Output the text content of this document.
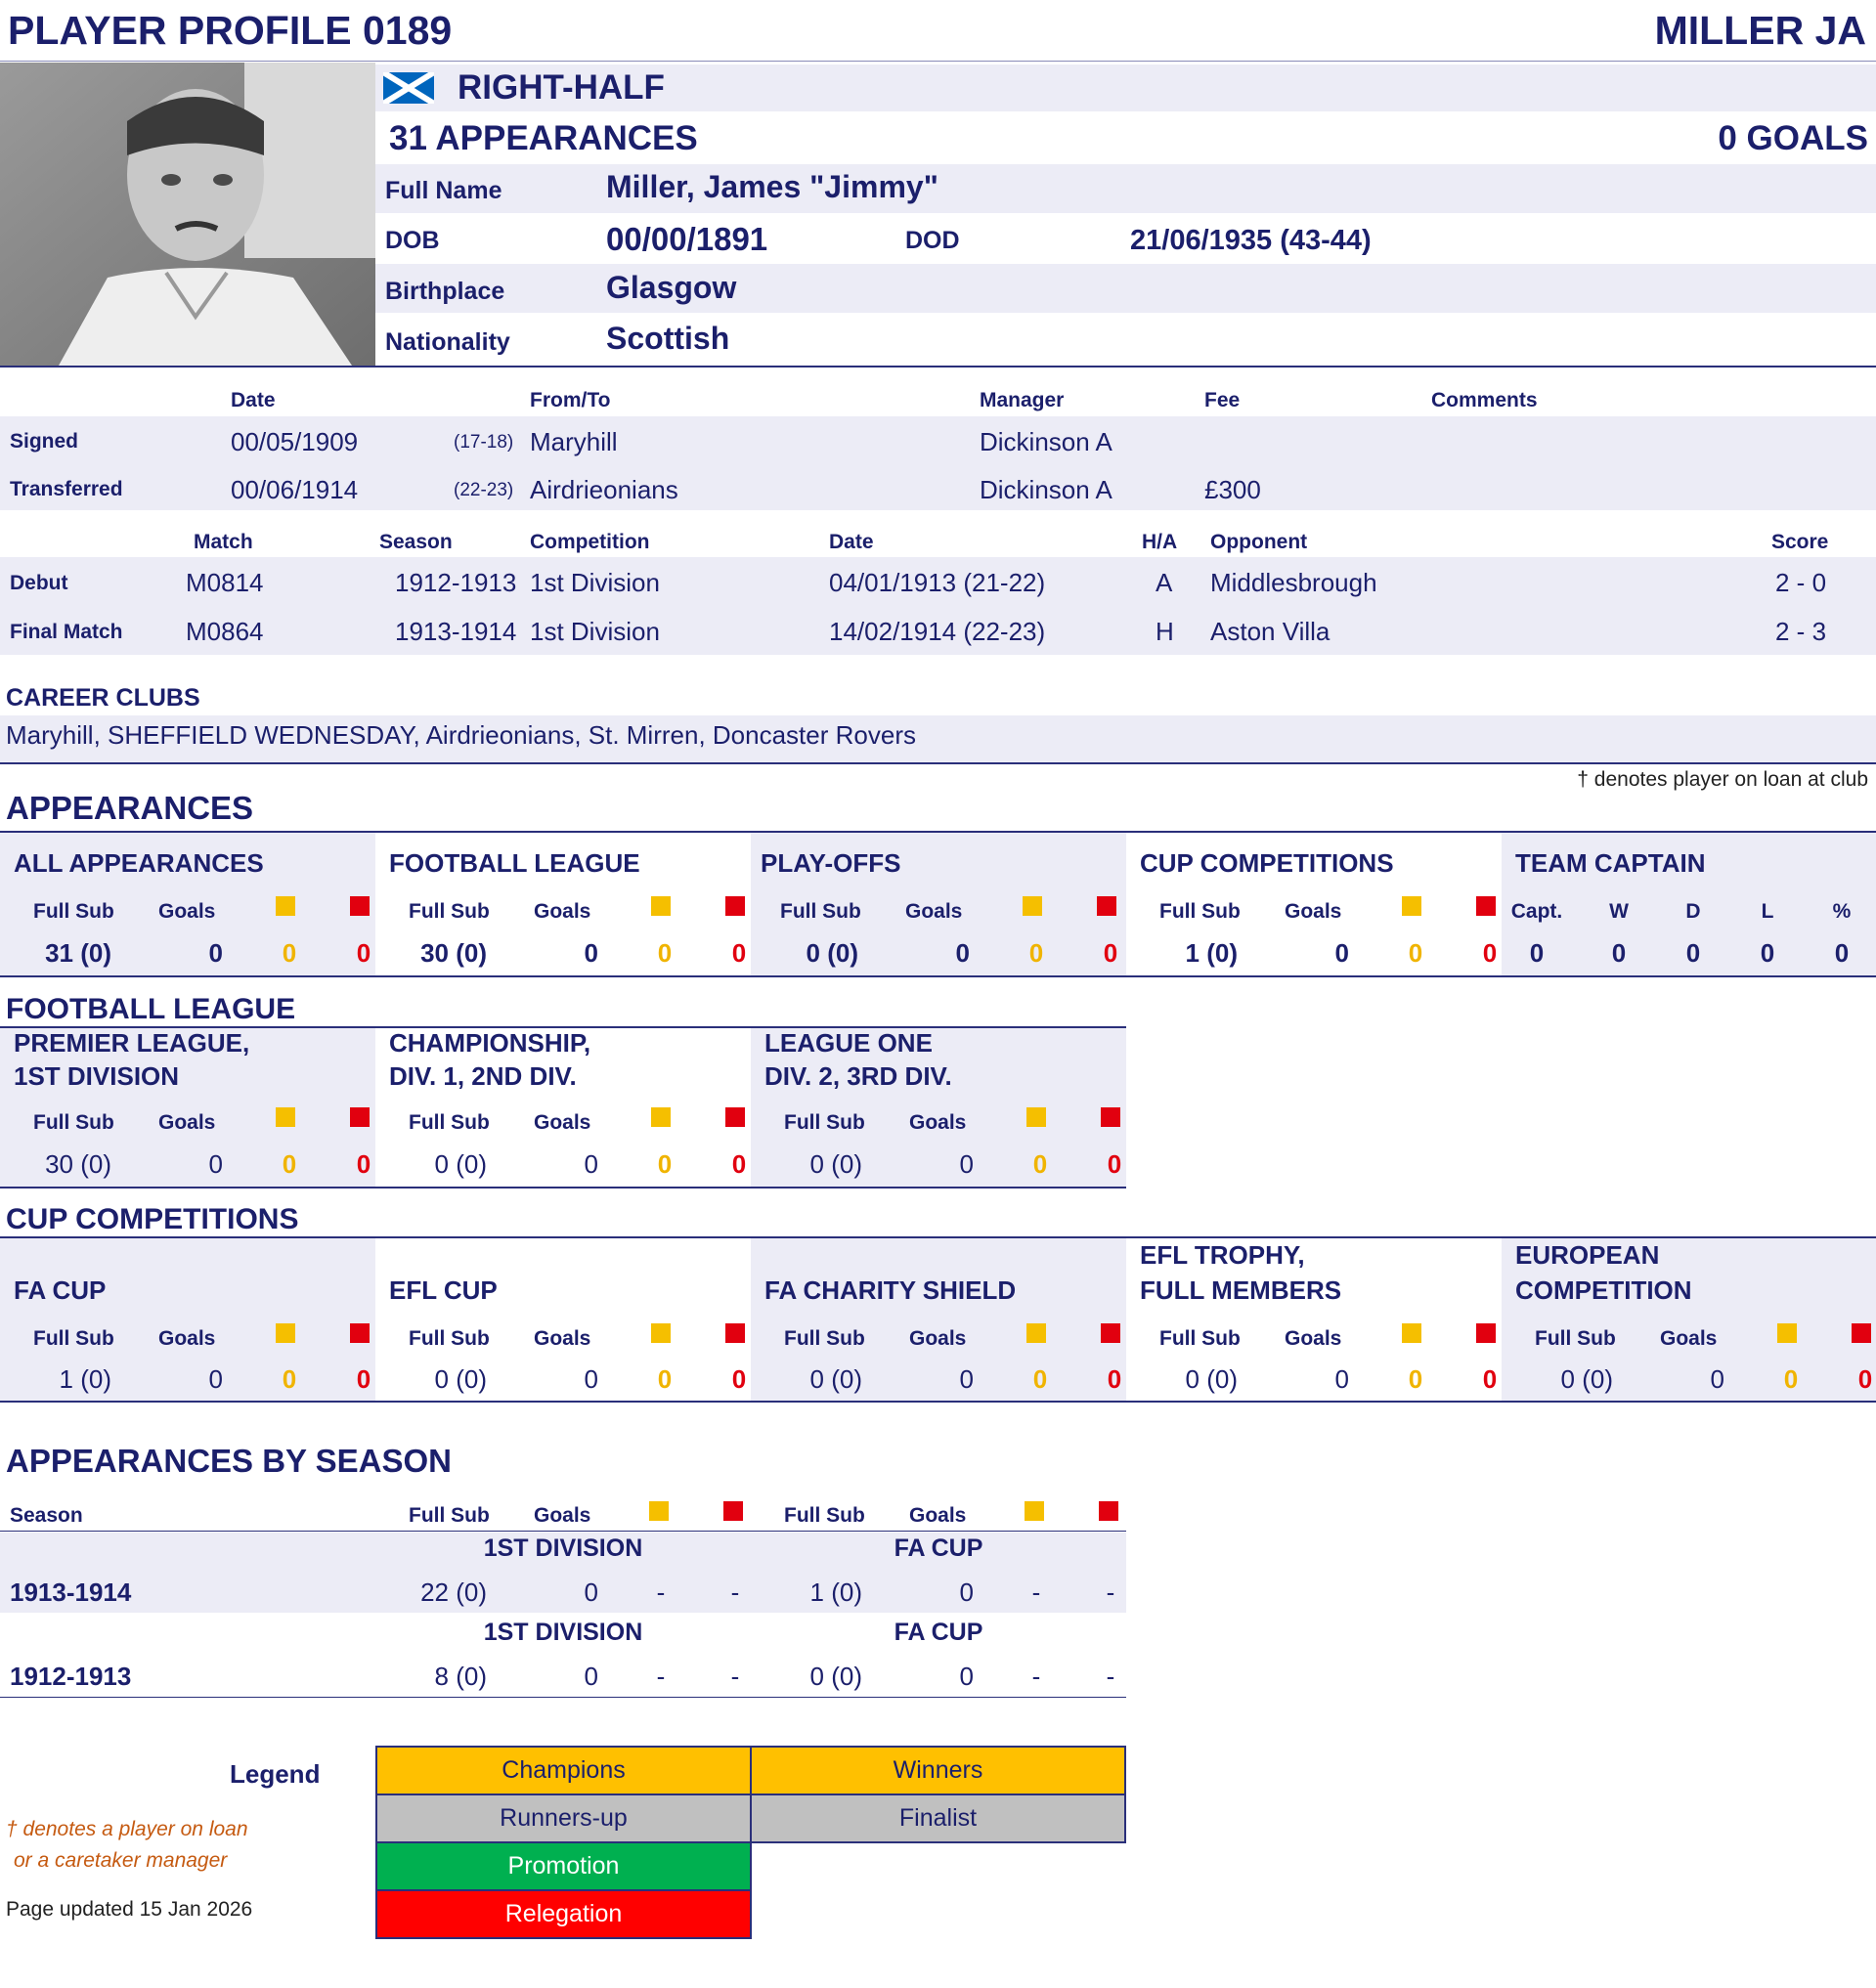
PLAYER PROFILE 0189	MILLER JA
RIGHT-HALF
31 APPEARANCES	0 GOALS
Full Name	Miller, James "Jimmy"
DOB	00/00/1891	DOD	21/06/1935 (43-44)
Birthplace	Glasgow
Nationality	Scottish
Date	From/To	Manager	Fee	Comments
Signed	00/05/1909	(17-18) Maryhill	Dickinson A
Transferred	00/06/1914	(22-23) Airdrieonians	Dickinson A	£300
Match	Season	Competition	Date	H/A Opponent	Score
Debut	M0814	1912-1913 1st Division	04/01/1913 (21-22)	A Middlesbrough	2 - 0
Final Match M0864	1913-1914 1st Division	14/02/1914 (22-23)	H Aston Villa	2 - 3
CAREER CLUBS
Maryhill, SHEFFIELD WEDNESDAY, Airdrieonians, St. Mirren, Doncaster Rovers
† denotes player on loan at club
APPEARANCES
ALL APPEARANCES
Full Sub Goals
31 (0)	0	0	0
FOOTBALL LEAGUE
Full Sub Goals
30 (0)	0	0	0
PLAY-OFFS
Full Sub Goals
0 (0)	0	0	0
CUP COMPETITIONS
Full Sub Goals
1 (0)	0	0	0
TEAM CAPTAIN
Capt.
0
W
0
D
0
L
0
%
0
FOOTBALL LEAGUE
PREMIER LEAGUE,
1ST DIVISION
Full Sub Goals
30 (0)	0	0	0
CHAMPIONSHIP,
DIV. 1, 2ND DIV.
Full Sub Goals
0 (0)	0	0	0
LEAGUE ONE
DIV. 2, 3RD DIV.
Full Sub Goals
0 (0)	0	0	0
CUP COMPETITIONS
FA CUP
Full Sub Goals
1 (0)	0	0	0
EFL CUP
Full Sub Goals
0 (0)	0	0	0
FA CHARITY SHIELD
Full Sub Goals
0 (0)	0	0	0
EFL TROPHY,
FULL MEMBERS
Full Sub Goals
0 (0)	0	0	0
EUROPEAN
COMPETITION
Full Sub Goals
0 (0)	0	0	0
APPEARANCES BY SEASON
Season	Full Sub Goals	Full Sub Goals
1ST DIVISION	FA CUP
1913-1914	22 (0)	0	-	-	1 (0)	0	-	-
1ST DIVISION	FA CUP
1912-1913	8 (0)	0	-	-	0 (0)	0	-	-
Legend	Champions	Winners
Runners-up	Finalist
Promotion
Relegation
† denotes a player on loan
or a caretaker manager
Page updated 15 Jan 2026
